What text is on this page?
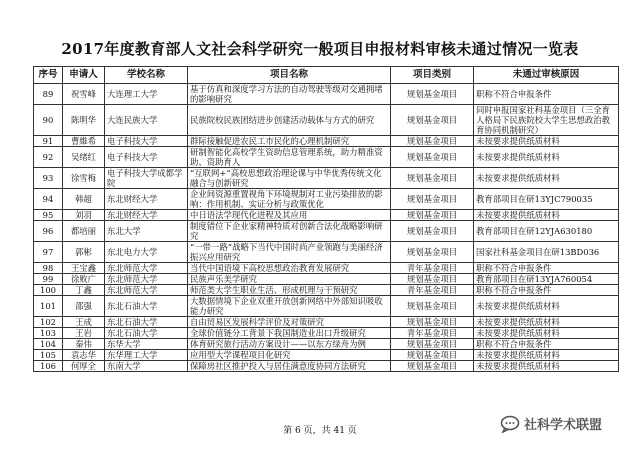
2017年度教育部人文社会科学研究一般项目申报材料审核未通过情况一览表
序号	申请人	学校名称	项目名称	项目类别	未通过审核原因
89	祝雪峰	大连理工大学	基于仿真和深度学习方法的自动驾驶等级对交通拥堵的影响研究	规划基金项目	职称不符合申报条件
90	陈明华	大连民族大学	民族院校民族团结进步创建活动载体与方式的研究	规划基金项目	同时申报国家社科基金项目（三全育人格局下民族院校大学生思想政治教育协同机制研究）
91	曹維希	电子科技大学	群际接触促进农民工市民化的心理机制研究	规划基金项目	未按要求提供纸质材料
92	吴绪红	电子科技大学	研制智能化高校学生资助信息管理系统，助力精准资助、资助育人	规划基金项目	未按要求提供纸质材料
93	徐雪梅	电子科技大学成都学院	“互联网+”高校思想政治理论课与中华优秀传统文化融合与创新研究	规划基金项目	未按要求提供纸质材料
94	韩超	东北财经大学	企业间资源重置视角下环境规制对工业污染排放的影响：作用机制、实证分析与政策优化	规划基金项目	教育部项目在研13YJC790035
95	刘羽	东北财经大学	中日语法学现代化进程及其应用	规划基金项目	未按要求提供纸质材料
96	都培丽	东北大学	制度错位下企业家精神特质对创新合法化战略影响研究	规划基金项目	教育部项目在研12YJA630180
97	郭彬	东北电力大学	“一带一路”战略下当代中国时尚产业领跑与美丽经济振兴应用研究	规划基金项目	国家社科基金项目在研13BD036
98	王宝鑫	东北师范大学	当代中国语境下高校思想政治教育发展研究	青年基金项目	职称不符合申报条件
99	徐败广	东北师范大学	民族声乐美学研究	规划基金项目	教育部项目在研13YJA760054
100	丁鑫	东北师范大学	师范类大学生职业生活、形成机理与干预研究	青年基金项目	职称不符合申报条件
101	邵强	东北石油大学	大数据情境下企业双重开放创新网络中外部知识吸收能力研究	规划基金项目	未按要求提供纸质材料
102	王成	东北石油大学	自由贸易区发展科学评价及对策研究	规划基金项目	未按要求提供纸质材料
103	王岩	东北石油大学	全球价值链分工背景下我国制造业出口升级研究	青年基金项目	未按要求提供纸质材料
104	秦伟	东华大学	体育研究旅行活动方案设计——以东方绿舟为例	规划基金项目	职称不符合申报条件
105	袁志华	东华理工大学	应用型大学课程项目化研究	规划基金项目	未按要求提供纸质材料
106	何厚全	东南大学	保障房社区推护投入与居住满意度协同方法研究	规划基金项目	未按要求提供纸质材料
第 6 页，共 41 页	社科学术联盟
